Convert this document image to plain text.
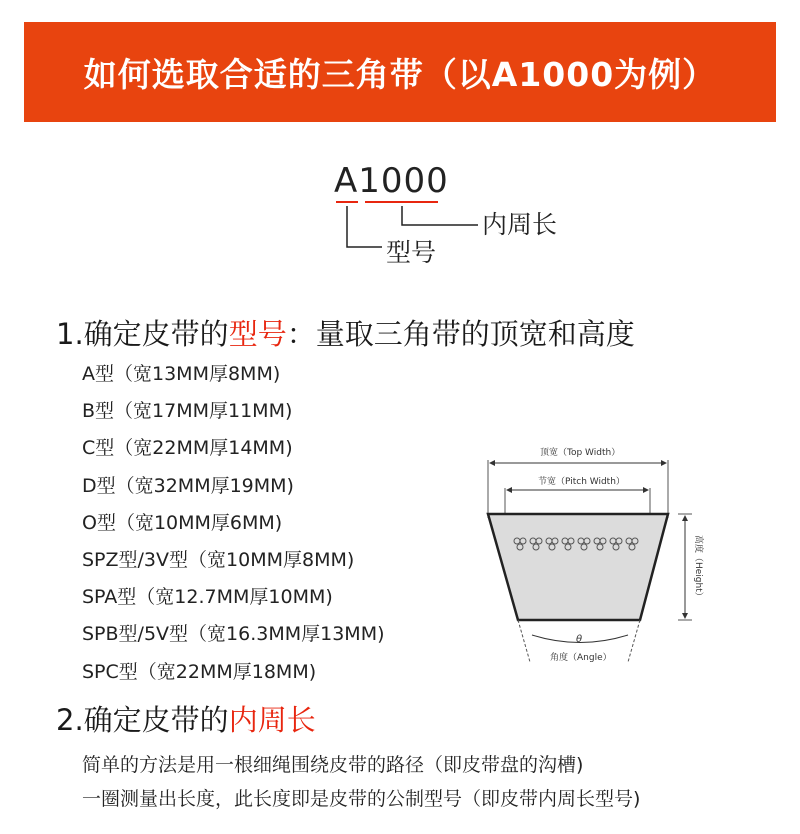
如何选取合适的三角带（以A1000为例）
A1000
内周长
型号
1.确定皮带的型号：量取三角带的顶宽和高度
A型（宽13MM厚8MM)
B型（宽17MM厚11MM)
C型（宽22MM厚14MM)
D型（宽32MM厚19MM)
O型（宽10MM厚6MM)
SPZ型/3V型（宽10MM厚8MM)
SPA型（宽12.7MM厚10MM)
SPB型/5V型（宽16.3MM厚13MM)
SPC型（宽22MM厚18MM)
顶宽（Top Width）
节宽（Pitch Width）
高度（Height）
θ
角度（Angle）
2.确定皮带的内周长
简单的方法是用一根细绳围绕皮带的路径（即皮带盘的沟槽)
一圈测量出长度，此长度即是皮带的公制型号（即皮带内周长型号)
